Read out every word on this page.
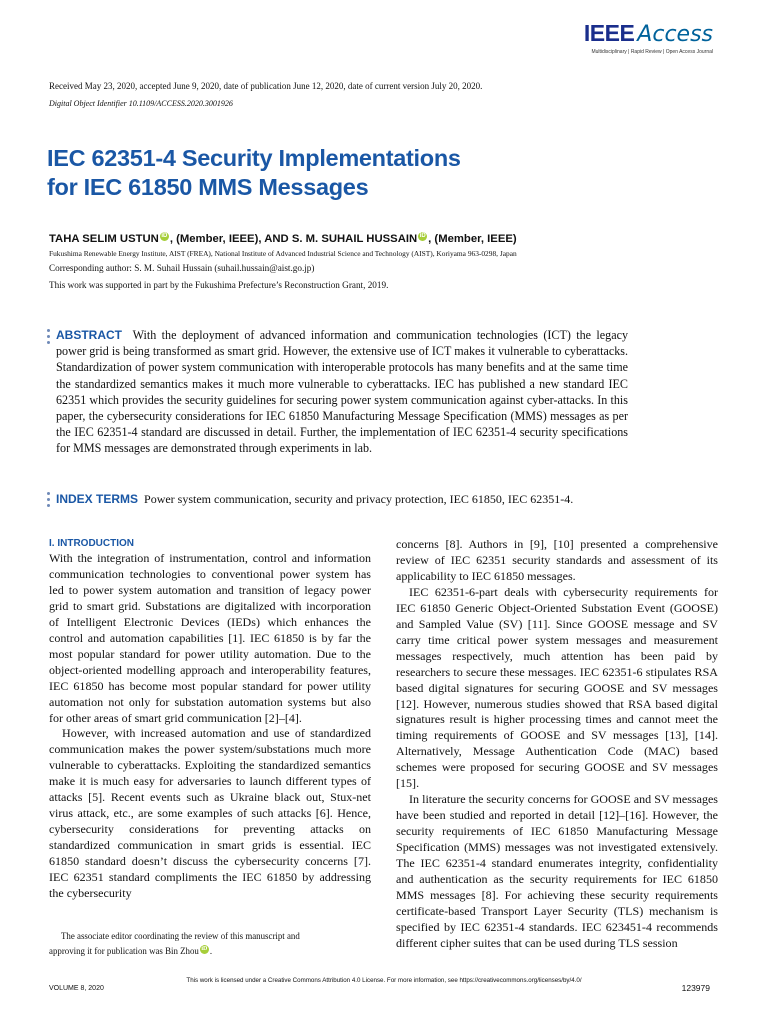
IEEE Access
Multidisciplinary | Rapid Review | Open Access Journal
Received May 23, 2020, accepted June 9, 2020, date of publication June 12, 2020, date of current version July 20, 2020.
Digital Object Identifier 10.1109/ACCESS.2020.3001926
IEC 62351-4 Security Implementations
for IEC 61850 MMS Messages
TAHA SELIM USTUN iD , (Member, IEEE), AND S. M. SUHAIL HUSSAIN iD , (Member, IEEE)
Fukushima Renewable Energy Institute, AIST (FREA), National Institute of Advanced Industrial Science and Technology (AIST), Koriyama 963-0298, Japan
Corresponding author: S. M. Suhail Hussain (suhail.hussain@aist.go.jp)
This work was supported in part by the Fukushima Prefecture’s Reconstruction Grant, 2019.

ABSTRACT With the deployment of advanced information and communication technologies (ICT) the legacy power grid is being transformed as smart grid. However, the extensive use of ICT makes it vulnerable to cyberattacks. Standardization of power system communication with interoperable protocols has many benefits and at the same time the standardized semantics makes it much more vulnerable to cyberattacks. IEC has published a new standard IEC 62351 which provides the security guidelines for securing power system communication against cyber-attacks. In this paper, the cybersecurity considerations for IEC 61850 Manufacturing Message Specification (MMS) messages as per the IEC 62351-4 standard are discussed in detail. Further, the implementation of IEC 62351-4 security specifications for MMS messages are demonstrated through experiments in lab.

INDEX TERMS Power system communication, security and privacy protection, IEC 61850, IEC 62351-4.

I. INTRODUCTION

With the integration of instrumentation, control and information communication technologies to conventional power system has led to power system automation and transition of legacy power grid to smart grid. Substations are digitalized with incorporation of Intelligent Electronic Devices (IEDs) which enhances the control and automation capabilities [1]. IEC 61850 is by far the most popular standard for power utility automation. Due to the object-oriented modelling approach and interoperability features, IEC 61850 has become most popular standard for power utility automation not only for substation automation systems but also for other areas of smart grid communication [2]–[4].

However, with increased automation and use of standardized communication makes the power system/substations much more vulnerable to cyberattacks. Exploiting the standardized semantics make it is much easy for adversaries to launch different types of attacks [5]. Recent events such as Ukraine black out, Stux-net virus attack, etc., are some examples of such attacks [6]. Hence, cybersecurity considerations for preventing attacks on standardized communication in smart grids is essential. IEC 61850 standard doesn’t discuss the cybersecurity concerns [7]. IEC 62351 standard compliments the IEC 61850 by addressing the cybersecurity

concerns [8]. Authors in [9], [10] presented a comprehensive review of IEC 62351 security standards and assessment of its applicability to IEC 61850 messages.

IEC 62351-6-part deals with cybersecurity requirements for IEC 61850 Generic Object-Oriented Substation Event (GOOSE) and Sampled Value (SV) [11]. Since GOOSE message and SV carry time critical power system messages and measurement messages respectively, much attention has been paid by researchers to secure these messages. IEC 62351-6 stipulates RSA based digital signatures for securing GOOSE and SV messages [12]. However, numerous studies showed that RSA based digital signatures result is higher processing times and cannot meet the timing requirements of GOOSE and SV messages [13], [14]. Alternatively, Message Authentication Code (MAC) based schemes were proposed for securing GOOSE and SV messages [15].

In literature the security concerns for GOOSE and SV messages have been studied and reported in detail [12]–[16]. However, the security requirements of IEC 61850 Manufacturing Message Specification (MMS) messages was not investigated extensively. The IEC 62351-4 standard enumerates integrity, confidentiality and authentication as the security requirements for IEC 61850 MMS messages [8]. For achieving these security requirements certificate-based Transport Layer Security (TLS) mechanism is specified by IEC 62351-4 standards. IEC 623451-4 recommends different cipher suites that can be used during TLS session

The associate editor coordinating the review of this manuscript and
approving it for publication was Bin Zhou iD .
This work is licensed under a Creative Commons Attribution 4.0 License. For more information, see https://creativecommons.org/licenses/by/4.0/
VOLUME 8, 2020	123979
